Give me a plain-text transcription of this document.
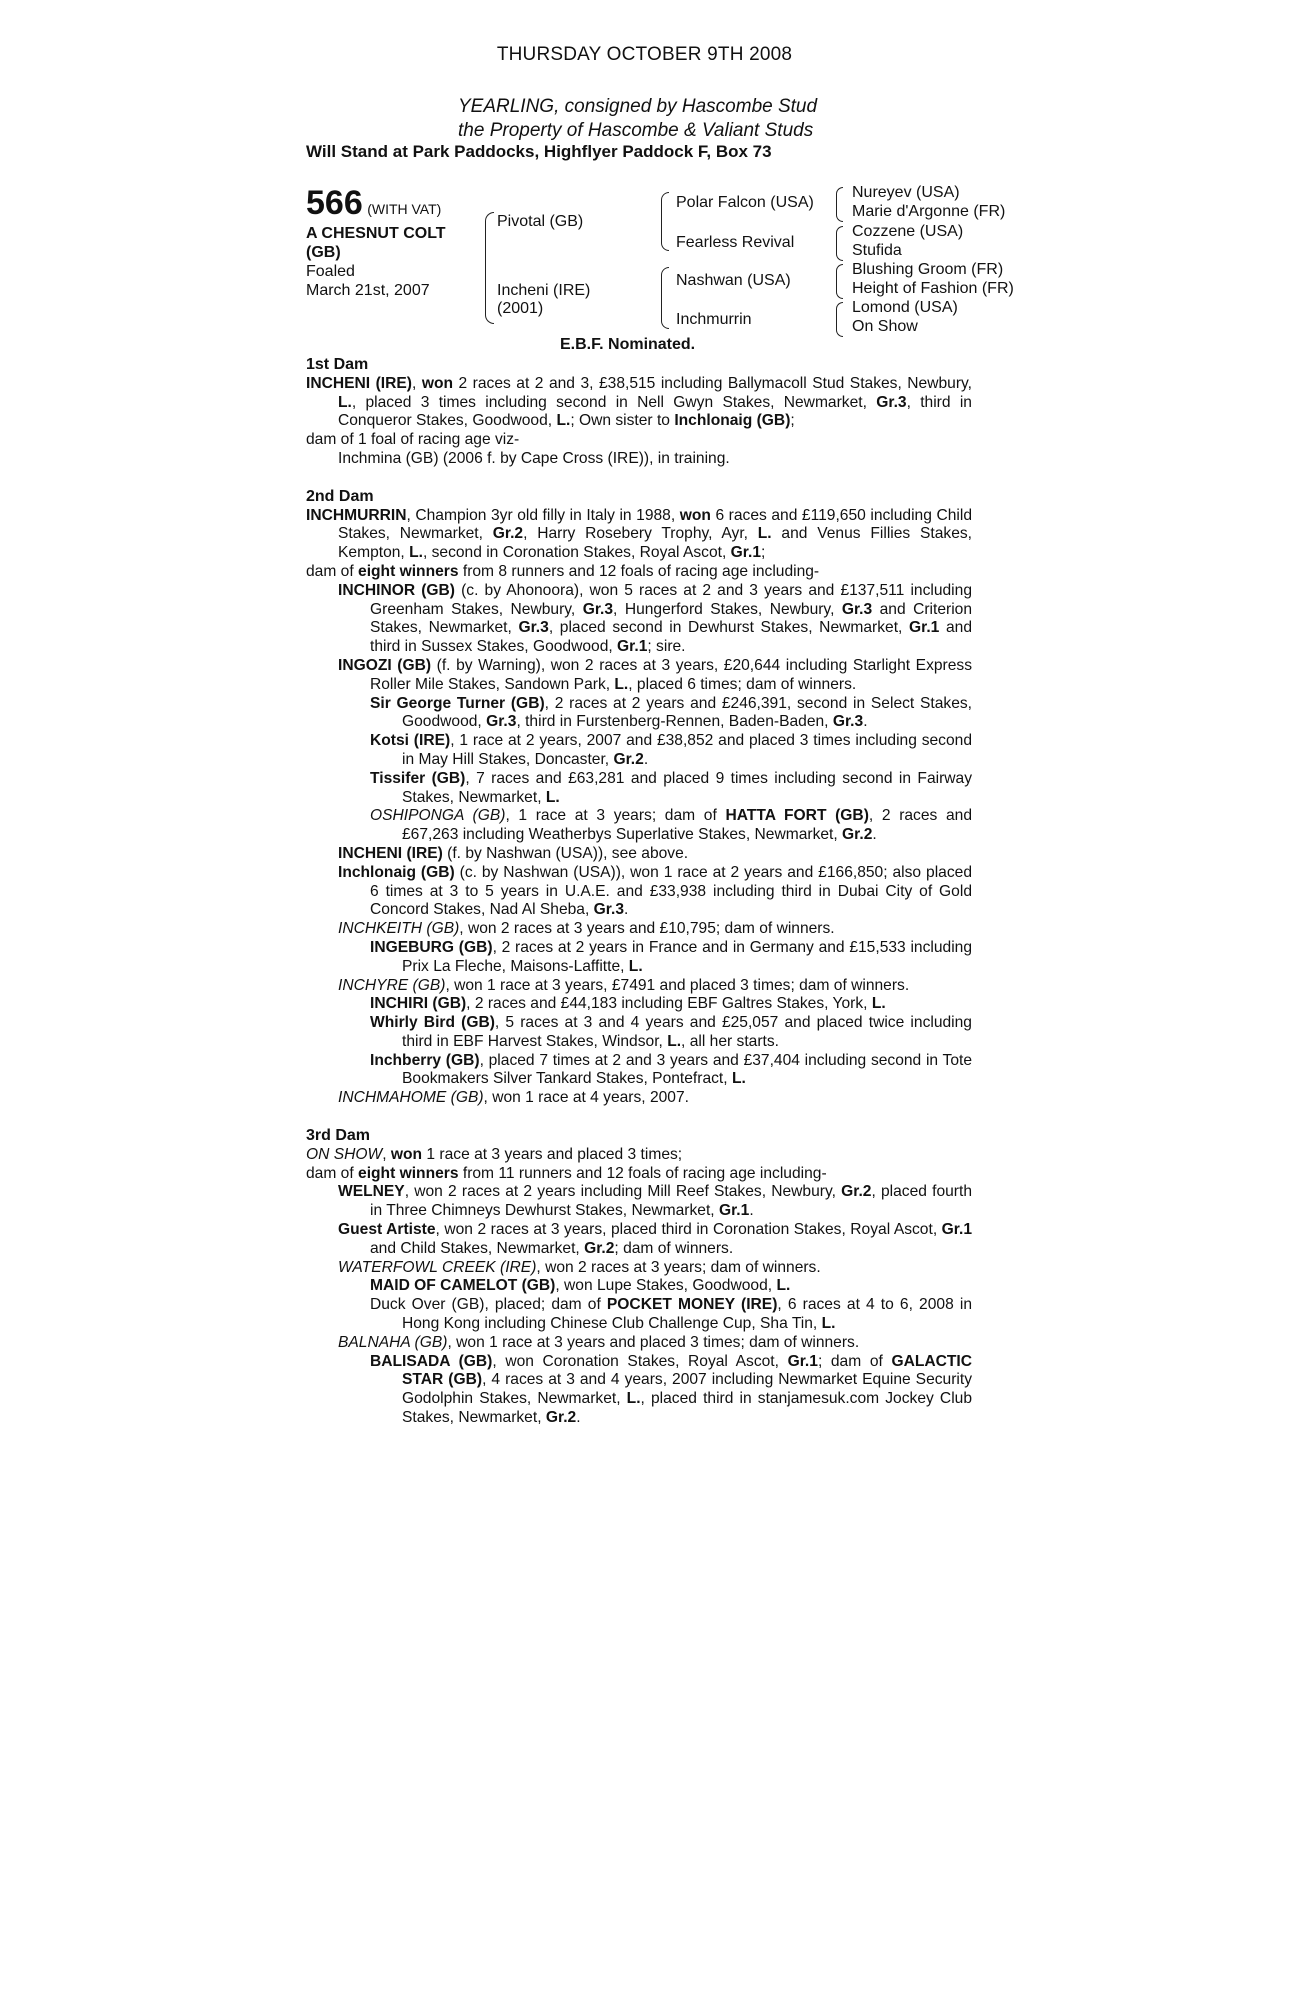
THURSDAY OCTOBER 9TH 2008
YEARLING, consigned by Hascombe Stud
the Property of Hascombe & Valiant Studs
Will Stand at Park Paddocks, Highflyer Paddock F, Box 73
566 (WITH VAT)
A CHESNUT COLT
(GB)
Foaled
March 21st, 2007
Pivotal (GB)
Incheni (IRE)
(2001)
Polar Falcon (USA)
Fearless Revival
Nashwan (USA)
Inchmurrin
Nureyev (USA)
Marie d'Argonne (FR)
Cozzene (USA)
Stufida
Blushing Groom (FR)
Height of Fashion (FR)
Lomond (USA)
On Show
E.B.F. Nominated.

1st Dam

INCHENI (IRE), won 2 races at 2 and 3, £38,515 including Ballymacoll Stud Stakes, Newbury, L., placed 3 times including second in Nell Gwyn Stakes, Newmarket, Gr.3, third in Conqueror Stakes, Goodwood, L.; Own sister to Inchlonaig (GB);

dam of 1 foal of racing age viz-

Inchmina (GB) (2006 f. by Cape Cross (IRE)), in training.

2nd Dam

INCHMURRIN, Champion 3yr old filly in Italy in 1988, won 6 races and £119,650 including Child Stakes, Newmarket, Gr.2, Harry Rosebery Trophy, Ayr, L. and Venus Fillies Stakes, Kempton, L., second in Coronation Stakes, Royal Ascot, Gr.1;

dam of eight winners from 8 runners and 12 foals of racing age including-

INCHINOR (GB) (c. by Ahonoora), won 5 races at 2 and 3 years and £137,511 including Greenham Stakes, Newbury, Gr.3, Hungerford Stakes, Newbury, Gr.3 and Criterion Stakes, Newmarket, Gr.3, placed second in Dewhurst Stakes, Newmarket, Gr.1 and third in Sussex Stakes, Goodwood, Gr.1; sire.

INGOZI (GB) (f. by Warning), won 2 races at 3 years, £20,644 including Starlight Express Roller Mile Stakes, Sandown Park, L., placed 6 times; dam of winners.

Sir George Turner (GB), 2 races at 2 years and £246,391, second in Select Stakes, Goodwood, Gr.3, third in Furstenberg-Rennen, Baden-Baden, Gr.3.

Kotsi (IRE), 1 race at 2 years, 2007 and £38,852 and placed 3 times including second in May Hill Stakes, Doncaster, Gr.2.

Tissifer (GB), 7 races and £63,281 and placed 9 times including second in Fairway Stakes, Newmarket, L.

OSHIPONGA (GB), 1 race at 3 years; dam of HATTA FORT (GB), 2 races and £67,263 including Weatherbys Superlative Stakes, Newmarket, Gr.2.

INCHENI (IRE) (f. by Nashwan (USA)), see above.

Inchlonaig (GB) (c. by Nashwan (USA)), won 1 race at 2 years and £166,850; also placed 6 times at 3 to 5 years in U.A.E. and £33,938 including third in Dubai City of Gold Concord Stakes, Nad Al Sheba, Gr.3.

INCHKEITH (GB), won 2 races at 3 years and £10,795; dam of winners.

INGEBURG (GB), 2 races at 2 years in France and in Germany and £15,533 including Prix La Fleche, Maisons-Laffitte, L.

INCHYRE (GB), won 1 race at 3 years, £7491 and placed 3 times; dam of winners.

INCHIRI (GB), 2 races and £44,183 including EBF Galtres Stakes, York, L.

Whirly Bird (GB), 5 races at 3 and 4 years and £25,057 and placed twice including third in EBF Harvest Stakes, Windsor, L., all her starts.

Inchberry (GB), placed 7 times at 2 and 3 years and £37,404 including second in Tote Bookmakers Silver Tankard Stakes, Pontefract, L.

INCHMAHOME (GB), won 1 race at 4 years, 2007.

3rd Dam

ON SHOW, won 1 race at 3 years and placed 3 times;

dam of eight winners from 11 runners and 12 foals of racing age including-

WELNEY, won 2 races at 2 years including Mill Reef Stakes, Newbury, Gr.2, placed fourth in Three Chimneys Dewhurst Stakes, Newmarket, Gr.1.

Guest Artiste, won 2 races at 3 years, placed third in Coronation Stakes, Royal Ascot, Gr.1 and Child Stakes, Newmarket, Gr.2; dam of winners.

WATERFOWL CREEK (IRE), won 2 races at 3 years; dam of winners.

MAID OF CAMELOT (GB), won Lupe Stakes, Goodwood, L.

Duck Over (GB), placed; dam of POCKET MONEY (IRE), 6 races at 4 to 6, 2008 in Hong Kong including Chinese Club Challenge Cup, Sha Tin, L.

BALNAHA (GB), won 1 race at 3 years and placed 3 times; dam of winners.

BALISADA (GB), won Coronation Stakes, Royal Ascot, Gr.1; dam of GALACTIC STAR (GB), 4 races at 3 and 4 years, 2007 including Newmarket Equine Security Godolphin Stakes, Newmarket, L., placed third in stanjamesuk.com Jockey Club Stakes, Newmarket, Gr.2.
